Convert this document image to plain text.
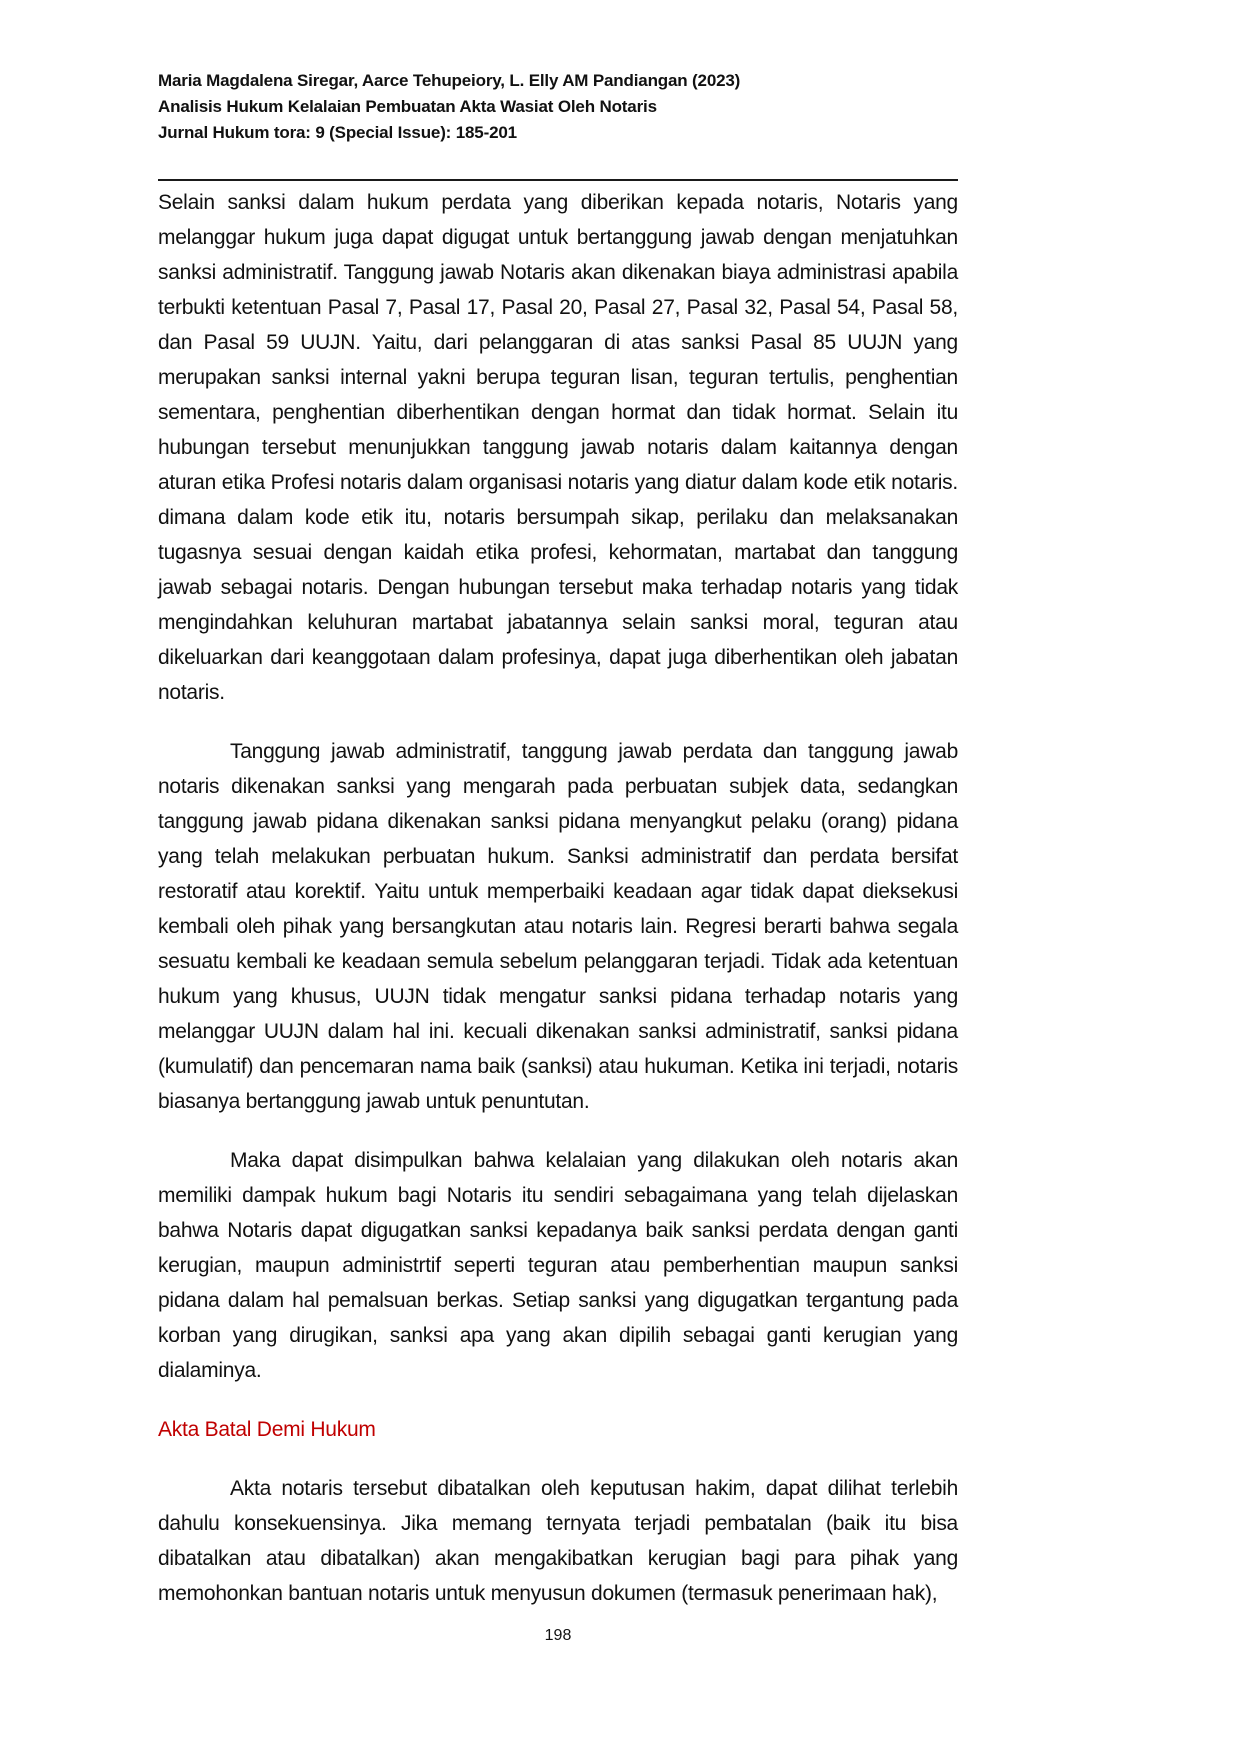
Maria Magdalena Siregar, Aarce Tehupeiory, L. Elly AM Pandiangan (2023)
Analisis Hukum Kelalaian Pembuatan Akta Wasiat Oleh Notaris
Jurnal Hukum tora: 9 (Special Issue): 185-201

Selain sanksi dalam hukum perdata yang diberikan kepada notaris, Notaris yang melanggar hukum juga dapat digugat untuk bertanggung jawab dengan menjatuhkan sanksi administratif. Tanggung jawab Notaris akan dikenakan biaya administrasi apabila terbukti ketentuan Pasal 7, Pasal 17, Pasal 20, Pasal 27, Pasal 32, Pasal 54, Pasal 58, dan Pasal 59 UUJN. Yaitu, dari pelanggaran di atas sanksi Pasal 85 UUJN yang merupakan sanksi internal yakni berupa teguran lisan, teguran tertulis, penghentian sementara, penghentian diberhentikan dengan hormat dan tidak hormat. Selain itu hubungan tersebut menunjukkan tanggung jawab notaris dalam kaitannya dengan aturan etika Profesi notaris dalam organisasi notaris yang diatur dalam kode etik notaris. dimana dalam kode etik itu, notaris bersumpah sikap, perilaku dan melaksanakan tugasnya sesuai dengan kaidah etika profesi, kehormatan, martabat dan tanggung jawab sebagai notaris. Dengan hubungan tersebut maka terhadap notaris yang tidak mengindahkan keluhuran martabat jabatannya selain sanksi moral, teguran atau dikeluarkan dari keanggotaan dalam profesinya, dapat juga diberhentikan oleh jabatan notaris.

Tanggung jawab administratif, tanggung jawab perdata dan tanggung jawab notaris dikenakan sanksi yang mengarah pada perbuatan subjek data, sedangkan tanggung jawab pidana dikenakan sanksi pidana menyangkut pelaku (orang) pidana yang telah melakukan perbuatan hukum. Sanksi administratif dan perdata bersifat restoratif atau korektif. Yaitu untuk memperbaiki keadaan agar tidak dapat dieksekusi kembali oleh pihak yang bersangkutan atau notaris lain. Regresi berarti bahwa segala sesuatu kembali ke keadaan semula sebelum pelanggaran terjadi. Tidak ada ketentuan hukum yang khusus, UUJN tidak mengatur sanksi pidana terhadap notaris yang melanggar UUJN dalam hal ini. kecuali dikenakan sanksi administratif, sanksi pidana (kumulatif) dan pencemaran nama baik (sanksi) atau hukuman. Ketika ini terjadi, notaris biasanya bertanggung jawab untuk penuntutan.

Maka dapat disimpulkan bahwa kelalaian yang dilakukan oleh notaris akan memiliki dampak hukum bagi Notaris itu sendiri sebagaimana yang telah dijelaskan bahwa Notaris dapat digugatkan sanksi kepadanya baik sanksi perdata dengan ganti kerugian, maupun administrtif seperti teguran atau pemberhentian maupun sanksi pidana dalam hal pemalsuan berkas. Setiap sanksi yang digugatkan tergantung pada korban yang dirugikan, sanksi apa yang akan dipilih sebagai ganti kerugian yang dialaminya.

Akta Batal Demi Hukum

Akta notaris tersebut dibatalkan oleh keputusan hakim, dapat dilihat terlebih dahulu konsekuensinya. Jika memang ternyata terjadi pembatalan (baik itu bisa dibatalkan atau dibatalkan) akan mengakibatkan kerugian bagi para pihak yang memohonkan bantuan notaris untuk menyusun dokumen (termasuk penerimaan hak),

198
